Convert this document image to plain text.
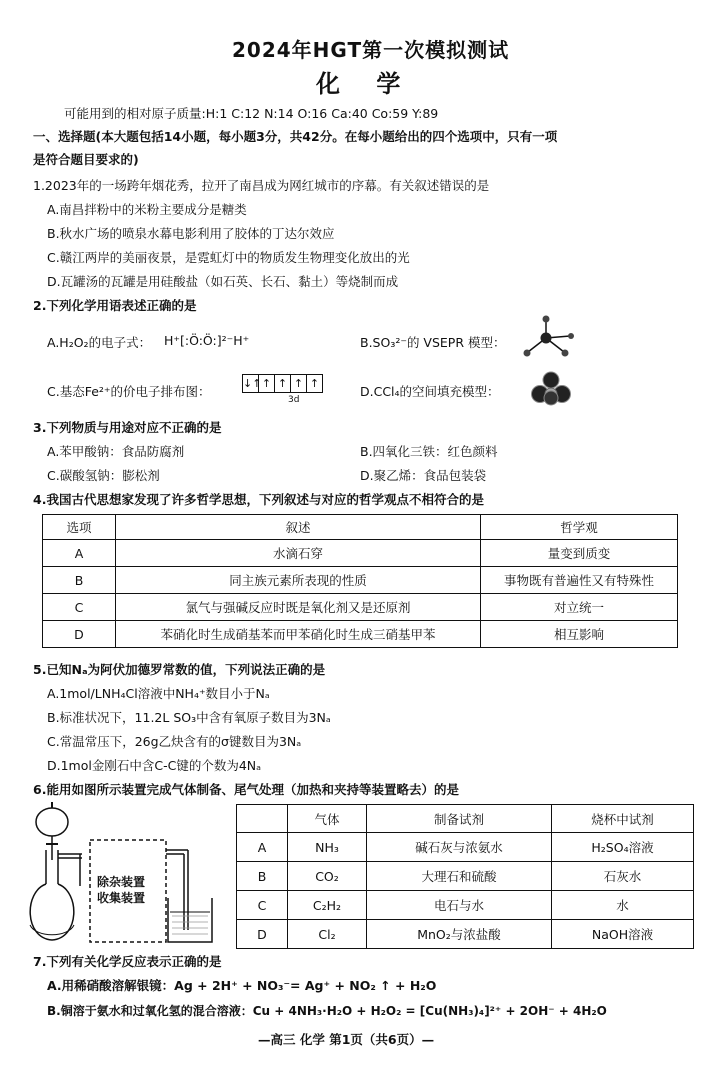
2024年HGT第一次模拟测试
化 学
可能用到的相对原子质量:H:1 C:12 N:14 O:16 Ca:40 Co:59 Y:89
一、选择题(本大题包括14小题，每小题3分，共42分。在每小题给出的四个选项中，只有一项
是符合题目要求的)
1.2023年的一场跨年烟花秀，拉开了南昌成为网红城市的序幕。有关叙述错误的是
A.南昌拌粉中的米粉主要成分是糖类
B.秋水广场的喷泉水幕电影利用了胶体的丁达尔效应
C.赣江两岸的美丽夜景，是霓虹灯中的物质发生物理变化放出的光
D.瓦罐汤的瓦罐是用硅酸盐（如石英、长石、黏土）等烧制而成
2.下列化学用语表述正确的是
A.H₂O₂的电子式： H⁺[:Ö:Ö:]²⁻H⁺	B.SO₃²⁻的 VSEPR 模型：
C.基态Fe²⁺的价电子排布图：
↓↑ ↑ ↑ ↑ ↑
3d
D.CCl₄的空间填充模型：
3.下列物质与用途对应不正确的是
A.苯甲酸钠：食品防腐剂	B.四氧化三铁：红色颜料
C.碳酸氢钠：膨松剂	D.聚乙烯：食品包装袋
4.我国古代思想家发现了许多哲学思想，下列叙述与对应的哲学观点不相符合的是
选项	叙述	哲学观
A	水滴石穿	量变到质变
B	同主族元素所表现的性质	事物既有普遍性又有特殊性
C	氯气与强碱反应时既是氧化剂又是还原剂	对立统一
D	苯硝化时生成硝基苯而甲苯硝化时生成三硝基甲苯	相互影响
5.已知Nₐ为阿伏加德罗常数的值，下列说法正确的是
A.1mol/LNH₄Cl溶液中NH₄⁺数目小于Nₐ
B.标准状况下，11.2L SO₃中含有氧原子数目为3Nₐ
C.常温常压下，26g乙炔含有的σ键数目为3Nₐ
D.1mol金刚石中含C-C键的个数为4Nₐ
6.能用如图所示装置完成气体制备、尾气处理（加热和夹持等装置略去）的是
除杂装置
收集装置
	气体	制备试剂	烧杯中试剂
A	NH₃	碱石灰与浓氨水	H₂SO₄溶液
B	CO₂	大理石和硫酸	石灰水
C	C₂H₂	电石与水	水
D	Cl₂	MnO₂与浓盐酸	NaOH溶液
7.下列有关化学反应表示正确的是
A.用稀硝酸溶解银镜：Ag + 2H⁺ + NO₃⁻= Ag⁺ + NO₂ ↑ + H₂O
B.铜溶于氨水和过氧化氢的混合溶液：Cu + 4NH₃·H₂O + H₂O₂ = [Cu(NH₃)₄]²⁺ + 2OH⁻ + 4H₂O
—高三 化学 第1页（共6页）—
